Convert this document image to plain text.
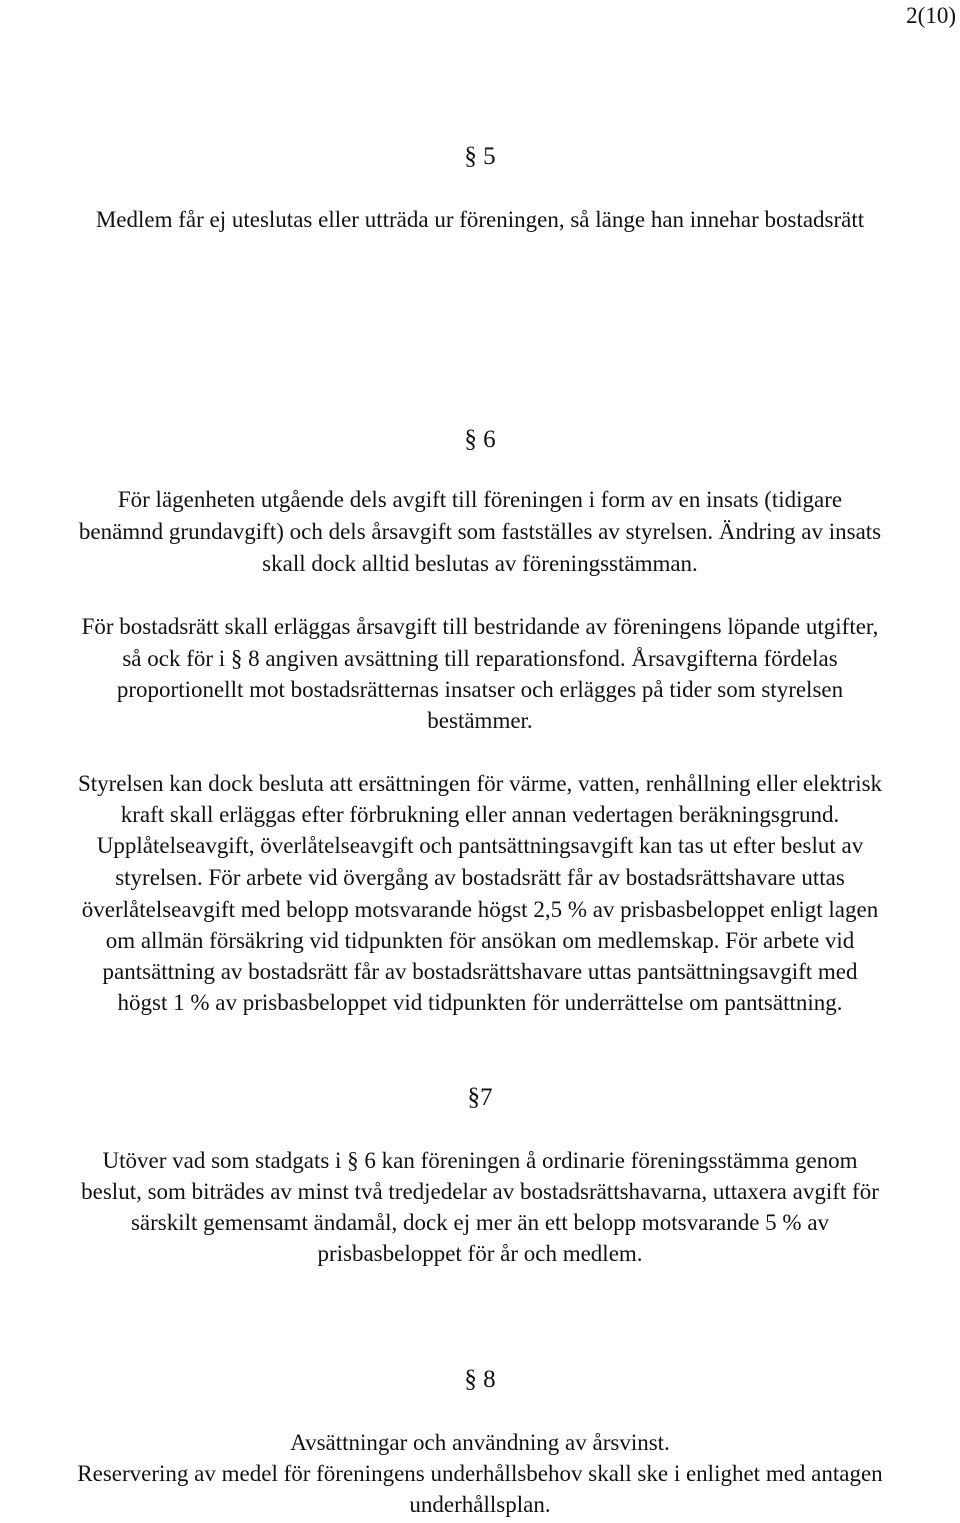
2(10)
§ 5
Medlem får ej uteslutas eller utträda ur föreningen, så länge han innehar bostadsrätt
§ 6
För lägenheten utgående dels avgift till föreningen i form av en insats (tidigare
benämnd grundavgift) och dels årsavgift som fastställes av styrelsen. Ändring av insats
skall dock alltid beslutas av föreningsstämman.
För bostadsrätt skall erläggas årsavgift till bestridande av föreningens löpande utgifter,
så ock för i § 8 angiven avsättning till reparationsfond. Årsavgifterna fördelas
proportionellt mot bostadsrätternas insatser och erlägges på tider som styrelsen
bestämmer.
Styrelsen kan dock besluta att ersättningen för värme, vatten, renhållning eller elektrisk
kraft skall erläggas efter förbrukning eller annan vedertagen beräkningsgrund.
Upplåtelseavgift, överlåtelseavgift och pantsättningsavgift kan tas ut efter beslut av
styrelsen. För arbete vid övergång av bostadsrätt får av bostadsrättshavare uttas
överlåtelseavgift med belopp motsvarande högst 2,5 % av prisbasbeloppet enligt lagen
om allmän försäkring vid tidpunkten för ansökan om medlemskap. För arbete vid
pantsättning av bostadsrätt får av bostadsrättshavare uttas pantsättningsavgift med
högst 1 % av prisbasbeloppet vid tidpunkten för underrättelse om pantsättning.
§7
Utöver vad som stadgats i § 6 kan föreningen å ordinarie föreningsstämma genom
beslut, som biträdes av minst två tredjedelar av bostadsrättshavarna, uttaxera avgift för
särskilt gemensamt ändamål, dock ej mer än ett belopp motsvarande 5 % av
prisbasbeloppet för år och medlem.
§ 8
Avsättningar och användning av årsvinst.
Reservering av medel för föreningens underhållsbehov skall ske i enlighet med antagen
underhållsplan.
